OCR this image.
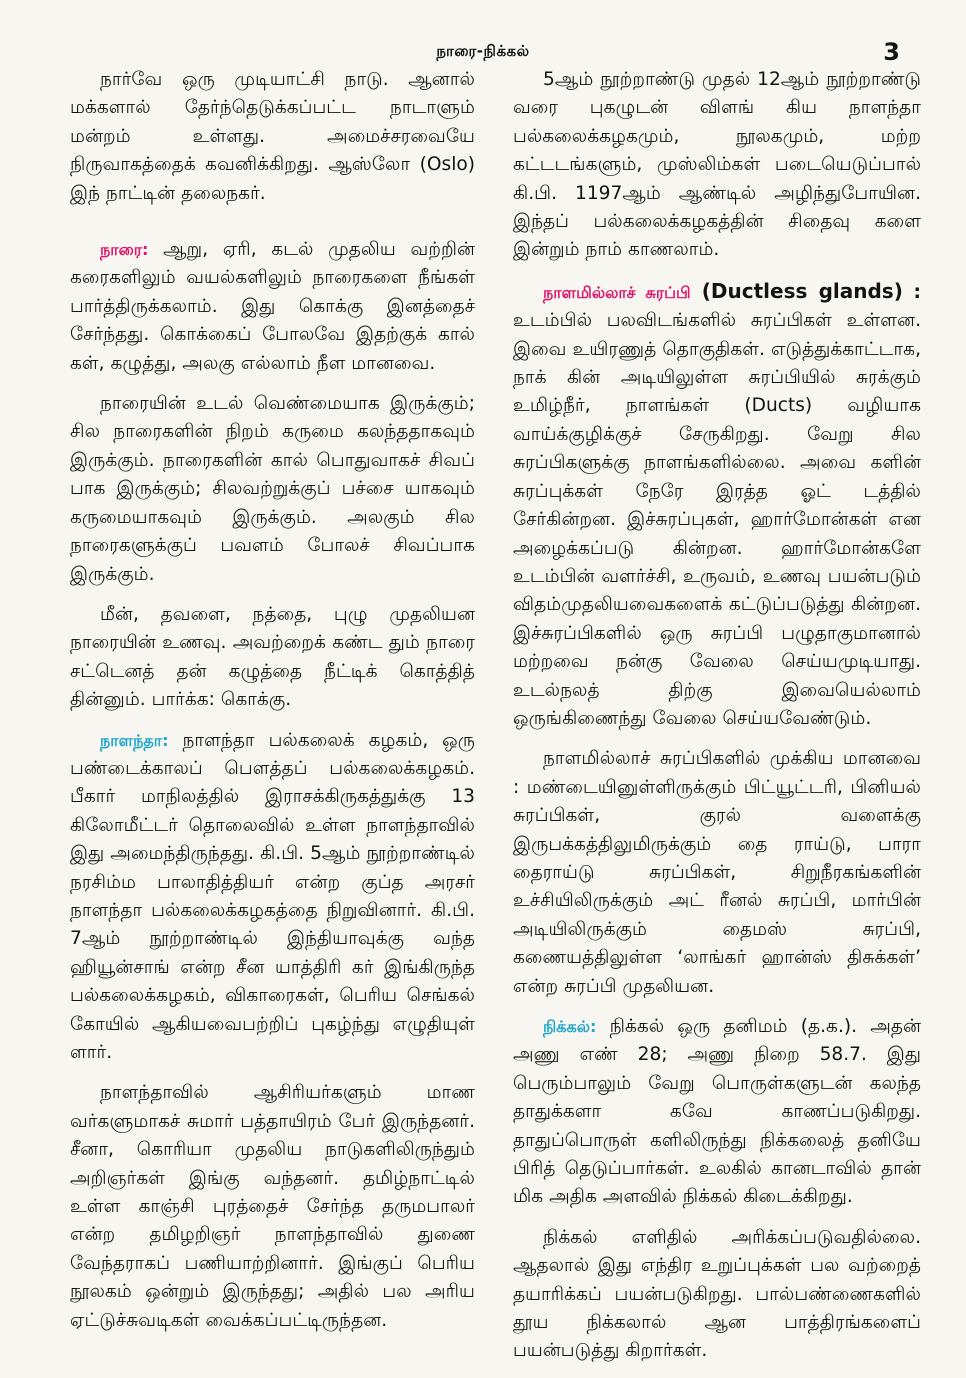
நாரை-நிக்கல்	3

நார்வே ஒரு முடியாட்சி நாடு. ஆனால் மக்களால் தேர்ந்தெடுக்கப்பட்ட நாடாளும் மன்றம் உள்ளது. அமைச்சரவையே நிருவாகத்தைக் கவனிக்கிறது. ஆஸ்லோ (Oslo) இந் நாட்டின் தலைநகர்.

நாரை: ஆறு, ஏரி, கடல் முதலிய வற்றின் கரைகளிலும் வயல்களிலும் நாரைகளை நீங்கள் பார்த்திருக்கலாம். இது கொக்கு இனத்தைச் சேர்ந்தது. கொக்கைப் போலவே இதற்குக் கால் கள், கழுத்து, அலகு எல்லாம் நீள மானவை.

நாரையின் உடல் வெண்மையாக இருக்கும்; சில நாரைகளின் நிறம் கருமை கலந்ததாகவும் இருக்கும். நாரைகளின் கால் பொதுவாகச் சிவப் பாக இருக்கும்; சிலவற்றுக்குப் பச்சை யாகவும் கருமையாகவும் இருக்கும். அலகும் சில நாரைகளுக்குப் பவளம் போலச் சிவப்பாக இருக்கும்.

மீன், தவளை, நத்தை, புழு முதலியன நாரையின் உணவு. அவற்றைக் கண்ட தும் நாரை சட்டெனத் தன் கழுத்தை நீட்டிக் கொத்தித் தின்னும். பார்க்க: கொக்கு.

நாளந்தா: நாளந்தா பல்கலைக் கழகம், ஒரு பண்டைக்காலப் பௌத்தப் பல்கலைக்கழகம். பீகார் மாநிலத்தில் இராசக்கிருகத்துக்கு 13 கிலோமீட்டர் தொலைவில் உள்ள நாளந்தாவில் இது அமைந்திருந்தது. கி.பி. 5ஆம் நூற்றாண்டில் நரசிம்ம பாலாதித்தியர் என்ற குப்த அரசர் நாளந்தா பல்கலைக்கழகத்தை நிறுவினார். கி.பி. 7ஆம் நூற்றாண்டில் இந்தியாவுக்கு வந்த ஹியூன்சாங் என்ற சீன யாத்திரி கர் இங்கிருந்த பல்கலைக்கழகம், விகாரைகள், பெரிய செங்கல் கோயில் ஆகியவைபற்றிப் புகழ்ந்து எழுதியுள் ளார்.

நாளந்தாவில் ஆசிரியர்களும் மாண வர்களுமாகச் சுமார் பத்தாயிரம் பேர் இருந்தனர். சீனா, கொரியா முதலிய நாடுகளிலிருந்தும் அறிஞர்கள் இங்கு வந்தனர். தமிழ்நாட்டில் உள்ள காஞ்சி புரத்தைச் சேர்ந்த தருமபாலர் என்ற தமிழறிஞர் நாளந்தாவில் துணை வேந்தராகப் பணியாற்றினார். இங்குப் பெரிய நூலகம் ஒன்றும் இருந்தது; அதில் பல அரிய ஏட்டுச்சுவடிகள் வைக்கப்பட்டிருந்தன.

5ஆம் நூற்றாண்டு முதல் 12ஆம் நூற்றாண்டு வரை புகழுடன் விளங் கிய நாளந்தா பல்கலைக்கழகமும், நூலகமும், மற்ற கட்டடங்களும், முஸ்லிம்கள் படையெடுப்பால் கி.பி. 1197ஆம் ஆண்டில் அழிந்துபோயின. இந்தப் பல்கலைக்கழகத்தின் சிதைவு களை இன்றும் நாம் காணலாம்.

நாளமில்லாச் சுரப்பி (Ductless glands) : உடம்பில் பலவிடங்களில் சுரப்பிகள் உள்ளன. இவை உயிரணுத் தொகுதிகள். எடுத்துக்காட்டாக, நாக் கின் அடியிலுள்ள சுரப்பியில் சுரக்கும் உமிழ்நீர், நாளங்கள் (Ducts) வழியாக வாய்க்குழிக்குச் சேருகிறது. வேறு சில சுரப்பிகளுக்கு நாளங்களில்லை. அவை களின் சுரப்புக்கள் நேரே இரத்த ஓட் டத்தில் சேர்கின்றன. இச்சுரப்புகள், ஹார்மோன்கள் என அழைக்கப்படு கின்றன. ஹார்மோன்களே உடம்பின் வளர்ச்சி, உருவம், உணவு பயன்படும் விதம்முதலியவைகளைக் கட்டுப்படுத்து கின்றன. இச்சுரப்பிகளில் ஒரு சுரப்பி பழுதாகுமானால் மற்றவை நன்கு வேலை செய்யமுடியாது. உடல்நலத் திற்கு இவையெல்லாம் ஒருங்கிணைந்து வேலை செய்யவேண்டும்.

நாளமில்லாச் சுரப்பிகளில் முக்கிய மானவை : மண்டையினுள்ளிருக்கும் பிட்யூட்டரி, பினியல் சுரப்பிகள், குரல் வளைக்கு இருபக்கத்திலுமிருக்கும் தை ராய்டு, பாரா தைராய்டு சுரப்பிகள், சிறுநீரகங்களின் உச்சியிலிருக்கும் அட் ரீனல் சுரப்பி, மார்பின் அடியிலிருக்கும் தைமஸ் சுரப்பி, கணையத்திலுள்ள ‘லாங்கர் ஹான்ஸ் திசுக்கள்’ என்ற சுரப்பி முதலியன.

நிக்கல்: நிக்கல் ஒரு தனிமம் (த.க.). அதன் அணு எண் 28; அணு நிறை 58.7. இது பெரும்பாலும் வேறு பொருள்களுடன் கலந்த தாதுக்களா கவே காணப்படுகிறது. தாதுப்பொருள் களிலிருந்து நிக்கலைத் தனியே பிரித் தெடுப்பார்கள். உலகில் கானடாவில் தான் மிக அதிக அளவில் நிக்கல் கிடைக்கிறது.

நிக்கல் எளிதில் அரிக்கப்படுவதில்லை. ஆதலால் இது எந்திர உறுப்புக்கள் பல வற்றைத் தயாரிக்கப் பயன்படுகிறது. பால்பண்ணைகளில் தூய நிக்கலால் ஆன பாத்திரங்களைப் பயன்படுத்து கிறார்கள்.
